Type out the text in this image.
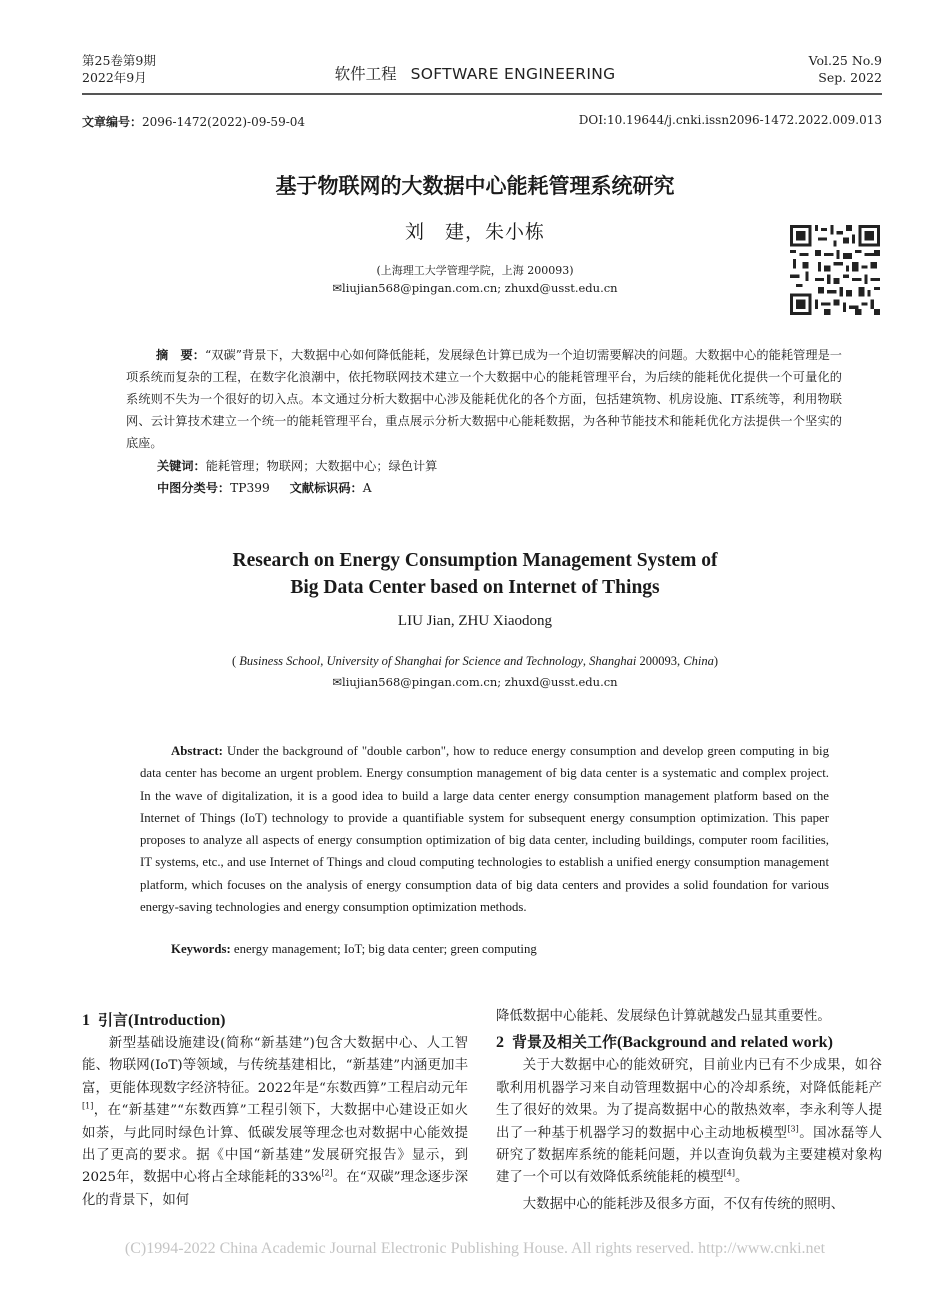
第25卷第9期
2022年9月	软件工程 SOFTWARE ENGINEERING
Vol.25 No.9
Sep. 2022
文章编号：2096-1472(2022)-09-59-04	DOI:10.19644/j.cnki.issn2096-1472.2022.009.013
基于物联网的大数据中心能耗管理系统研究
刘　建，朱小栋
(上海理工大学管理学院，上海 200093)
✉liujian568@pingan.com.cn; zhuxd@usst.edu.cn
摘　要：“双碳”背景下，大数据中心如何降低能耗，发展绿色计算已成为一个迫切需要解决的问题。大数据中心的能耗管理是一项系统而复杂的工程，在数字化浪潮中，依托物联网技术建立一个大数据中心的能耗管理平台，为后续的能耗优化提供一个可量化的系统则不失为一个很好的切入点。本文通过分析大数据中心涉及能耗优化的各个方面，包括建筑物、机房设施、IT系统等，利用物联网、云计算技术建立一个统一的能耗管理平台，重点展示分析大数据中心能耗数据，为各种节能技术和能耗优化方法提供一个坚实的底座。
关键词：能耗管理；物联网；大数据中心；绿色计算
中图分类号：TP399 文献标识码：A
Research on Energy Consumption Management System of
Big Data Center based on Internet of Things
LIU Jian, ZHU Xiaodong
( Business School, University of Shanghai for Science and Technology, Shanghai 200093, China)
✉liujian568@pingan.com.cn; zhuxd@usst.edu.cn
Abstract: Under the background of "double carbon", how to reduce energy consumption and develop green computing in big data center has become an urgent problem. Energy consumption management of big data center is a systematic and complex project. In the wave of digitalization, it is a good idea to build a large data center energy consumption management platform based on the Internet of Things (IoT) technology to provide a quantifiable system for subsequent energy consumption optimization. This paper proposes to analyze all aspects of energy consumption optimization of big data center, including buildings, computer room facilities, IT systems, etc., and use Internet of Things and cloud computing technologies to establish a unified energy consumption management platform, which focuses on the analysis of energy consumption data of big data centers and provides a solid foundation for various energy-saving technologies and energy consumption optimization methods.
Keywords: energy management; IoT; big data center; green computing
1 引言(Introduction)

新型基础设施建设(简称“新基建”)包含大数据中心、人工智能、物联网(IoT)等领域，与传统基建相比，“新基建”内涵更加丰富，更能体现数字经济特征。2022年是“东数西算”工程启动元年[1]，在“新基建”“东数西算”工程引领下，大数据中心建设正如火如荼，与此同时绿色计算、低碳发展等理念也对数据中心能效提出了更高的要求。据《中国“新基建”发展研究报告》显示，到2025年，数据中心将占全球能耗的33%[2]。在“双碳”理念逐步深化的背景下，如何

降低数据中心能耗、发展绿色计算就越发凸显其重要性。

2 背景及相关工作(Background and related work)

关于大数据中心的能效研究，目前业内已有不少成果，如谷歌利用机器学习来自动管理数据中心的冷却系统，对降低能耗产生了很好的效果。为了提高数据中心的散热效率，李永利等人提出了一种基于机器学习的数据中心主动地板模型[3]。国冰磊等人研究了数据库系统的能耗问题，并以查询负载为主要建模对象构建了一个可以有效降低系统能耗的模型[4]。

大数据中心的能耗涉及很多方面，不仅有传统的照明、

(C)1994-2022 China Academic Journal Electronic Publishing House. All rights reserved. http://www.cnki.net
